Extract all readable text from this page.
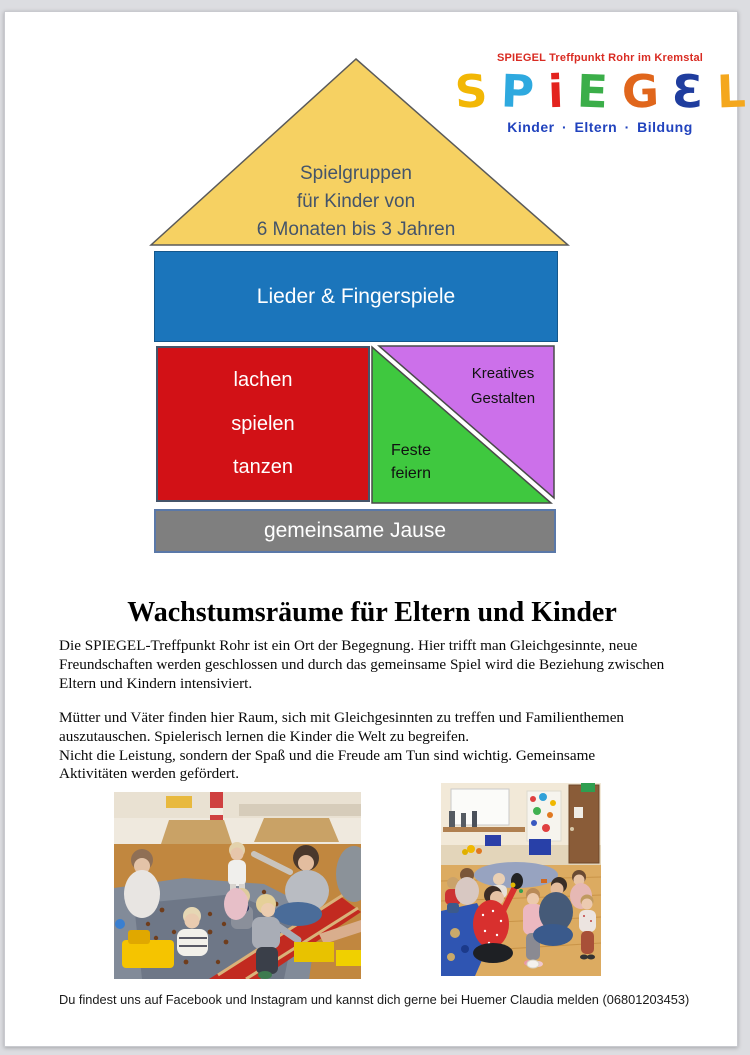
Spielgruppen
für Kinder von
6 Monaten bis 3 Jahren
Lieder & Fingerspiele
lachen
spielen
tanzen
Kreatives
Gestalten
Feste
feiern
gemeinsame Jause
SPIEGEL Treffpunkt Rohr im Kremstal
S P i E G Ɛ L
Kinder · Eltern · Bildung
Wachstumsräume für Eltern und Kinder

Die SPIEGEL-Treffpunkt Rohr ist ein Ort der Begegnung. Hier trifft man Gleichgesinnte, neue Freundschaften werden geschlossen und durch das gemeinsame Spiel wird die Beziehung zwischen Eltern und Kindern intensiviert.

Mütter und Väter finden hier Raum, sich mit Gleichgesinnten zu treffen und Familienthemen auszutauschen. Spielerisch lernen die Kinder die Welt zu begreifen.
Nicht die Leistung, sondern der Spaß und die Freude am Tun sind wichtig. Gemeinsame Aktivitäten werden gefördert.
Du findest uns auf Facebook und Instagram und kannst dich gerne bei Huemer Claudia melden (06801203453)
